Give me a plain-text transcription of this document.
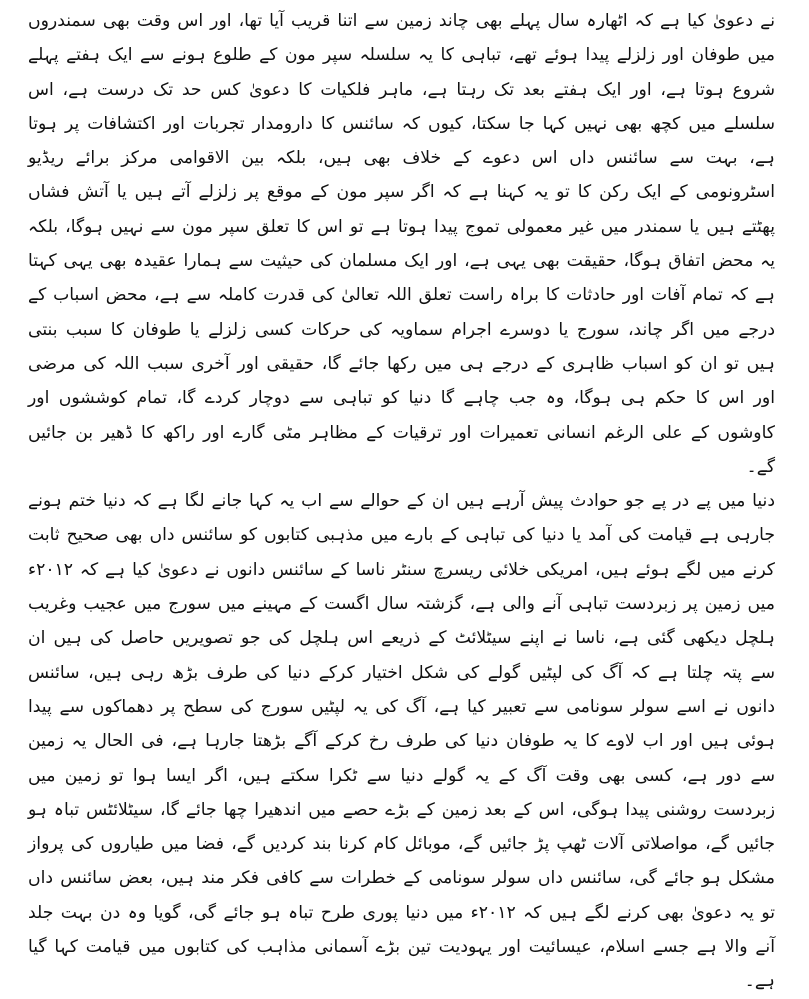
نے دعویٰ کیا ہے کہ اٹھارہ سال پہلے بھی چاند زمین سے اتنا قریب آیا تھا، اور اس وقت بھی سمندروں میں طوفان اور زلزلے پیدا ہوئے تھے، تباہی کا یہ سلسلہ سپر مون کے طلوع ہونے سے ایک ہفتے پہلے شروع ہوتا ہے، اور ایک ہفتے بعد تک رہتا ہے، ماہر فلکیات کا دعویٰ کس حد تک درست ہے، اس سلسلے میں کچھ بھی نہیں کہا جا سکتا، کیوں کہ سائنس کا دارومدار تجربات اور اکتشافات پر ہوتا ہے، بہت سے سائنس داں اس دعوے کے خلاف بھی ہیں، بلکہ بین الاقوامی مرکز برائے ریڈیو اسٹرونومی کے ایک رکن کا تو یہ کہنا ہے کہ اگر سپر مون کے موقع پر زلزلے آتے ہیں یا آتش فشاں پھٹتے ہیں یا سمندر میں غیر معمولی تموج پیدا ہوتا ہے تو اس کا تعلق سپر مون سے نہیں ہوگا، بلکہ یہ محض اتفاق ہوگا، حقیقت بھی یہی ہے، اور ایک مسلمان کی حیثیت سے ہمارا عقیدہ بھی یہی کہتا ہے کہ تمام آفات اور حادثات کا براہ راست تعلق اللہ تعالیٰ کی قدرت کاملہ سے ہے، محض اسباب کے درجے میں اگر چاند، سورج یا دوسرے اجرام سماویہ کی حرکات کسی زلزلے یا طوفان کا سبب بنتی ہیں تو ان کو اسباب ظاہری کے درجے ہی میں رکھا جائے گا، حقیقی اور آخری سبب اللہ کی مرضی اور اس کا حکم ہی ہوگا، وہ جب چاہے گا دنیا کو تباہی سے دوچار کردے گا، تمام کوششوں اور کاوشوں کے علی الرغم انسانی تعمیرات اور ترقیات کے مظاہر مٹی گارے اور راکھ کا ڈھیر بن جائیں گے۔

دنیا میں پے در پے جو حوادث پیش آرہے ہیں ان کے حوالے سے اب یہ کہا جانے لگا ہے کہ دنیا ختم ہونے جارہی ہے قیامت کی آمد یا دنیا کی تباہی کے بارے میں مذہبی کتابوں کو سائنس داں بھی صحیح ثابت کرنے میں لگے ہوئے ہیں، امریکی خلائی ریسرچ سنٹر ناسا کے سائنس دانوں نے دعویٰ کیا ہے کہ ۲۰۱۲ء میں زمین پر زبردست تباہی آنے والی ہے، گزشتہ سال اگست کے مہینے میں سورج میں عجیب وغریب ہلچل دیکھی گئی ہے، ناسا نے اپنے سیٹلائٹ کے ذریعے اس ہلچل کی جو تصویریں حاصل کی ہیں ان سے پتہ چلتا ہے کہ آگ کی لپٹیں گولے کی شکل اختیار کرکے دنیا کی طرف بڑھ رہی ہیں، سائنس دانوں نے اسے سولر سونامی سے تعبیر کیا ہے، آگ کی یہ لپٹیں سورج کی سطح پر دھماکوں سے پیدا ہوئی ہیں اور اب لاوے کا یہ طوفان دنیا کی طرف رخ کرکے آگے بڑھتا جارہا ہے، فی الحال یہ زمین سے دور ہے، کسی بھی وقت آگ کے یہ گولے دنیا سے ٹکرا سکتے ہیں، اگر ایسا ہوا تو زمین میں زبردست روشنی پیدا ہوگی، اس کے بعد زمین کے بڑے حصے میں اندھیرا چھا جائے گا، سیٹلائٹس تباہ ہو جائیں گے، مواصلاتی آلات ٹھپ پڑ جائیں گے، موبائل کام کرنا بند کردیں گے، فضا میں طیاروں کی پرواز مشکل ہو جائے گی، سائنس داں سولر سونامی کے خطرات سے کافی فکر مند ہیں، بعض سائنس داں تو یہ دعویٰ بھی کرنے لگے ہیں کہ ۲۰۱۲ء میں دنیا پوری طرح تباہ ہو جائے گی، گویا وہ دن بہت جلد آنے والا ہے جسے اسلام، عیسائیت اور یہودیت تین بڑے آسمانی مذاہب کی کتابوں میں قیامت کہا گیا ہے۔
